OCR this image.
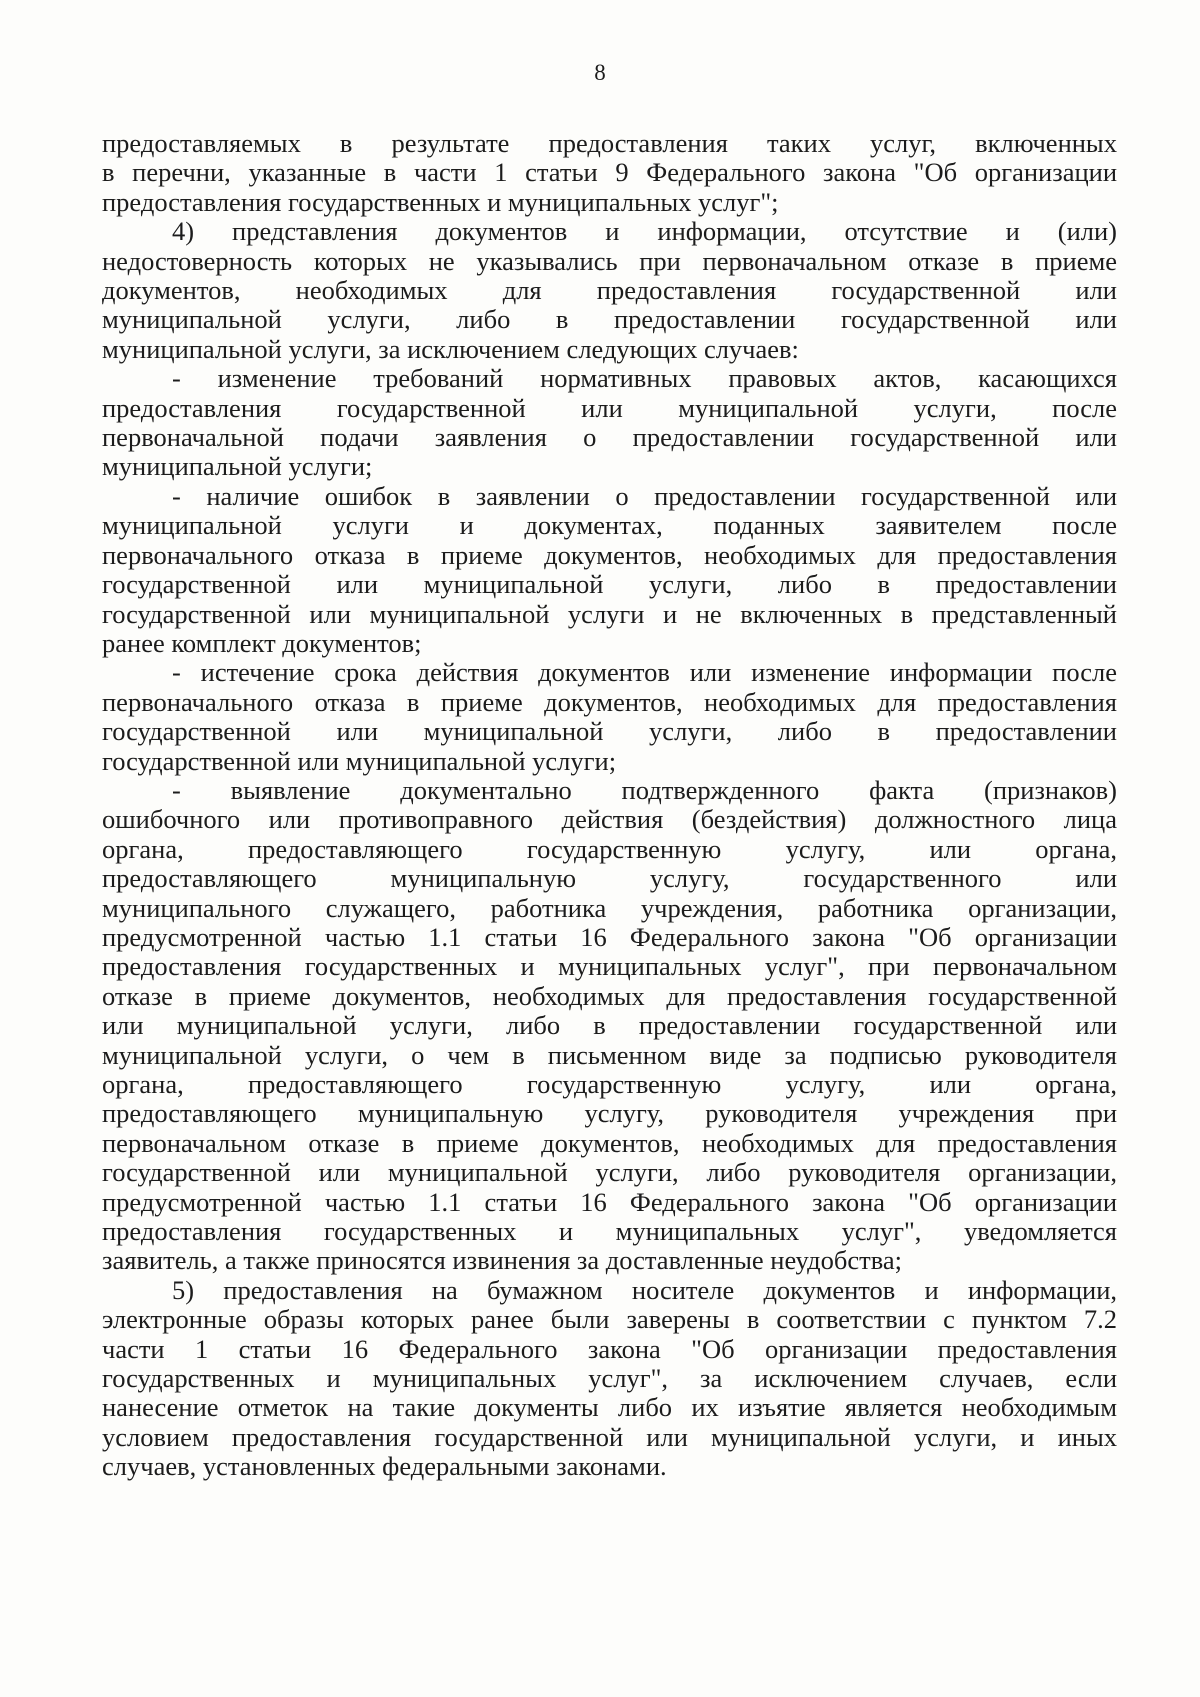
8
предоставляемых в результате предоставления таких услуг, включенных
в перечни, указанные в части 1 статьи 9 Федерального закона "Об организации
предоставления государственных и муниципальных услуг";
4) представления документов и информации, отсутствие и (или)
недостоверность которых не указывались при первоначальном отказе в приеме
документов, необходимых для предоставления государственной или
муниципальной услуги, либо в предоставлении государственной или
муниципальной услуги, за исключением следующих случаев:
- изменение требований нормативных правовых актов, касающихся
предоставления государственной или муниципальной услуги, после
первоначальной подачи заявления о предоставлении государственной или
муниципальной услуги;
- наличие ошибок в заявлении о предоставлении государственной или
муниципальной услуги и документах, поданных заявителем после
первоначального отказа в приеме документов, необходимых для предоставления
государственной или муниципальной услуги, либо в предоставлении
государственной или муниципальной услуги и не включенных в представленный
ранее комплект документов;
- истечение срока действия документов или изменение информации после
первоначального отказа в приеме документов, необходимых для предоставления
государственной или муниципальной услуги, либо в предоставлении
государственной или муниципальной услуги;
- выявление документально подтвержденного факта (признаков)
ошибочного или противоправного действия (бездействия) должностного лица
органа, предоставляющего государственную услугу, или органа,
предоставляющего муниципальную услугу, государственного или
муниципального служащего, работника учреждения, работника организации,
предусмотренной частью 1.1 статьи 16 Федерального закона "Об организации
предоставления государственных и муниципальных услуг", при первоначальном
отказе в приеме документов, необходимых для предоставления государственной
или муниципальной услуги, либо в предоставлении государственной или
муниципальной услуги, о чем в письменном виде за подписью руководителя
органа, предоставляющего государственную услугу, или органа,
предоставляющего муниципальную услугу, руководителя учреждения при
первоначальном отказе в приеме документов, необходимых для предоставления
государственной или муниципальной услуги, либо руководителя организации,
предусмотренной частью 1.1 статьи 16 Федерального закона "Об организации
предоставления государственных и муниципальных услуг", уведомляется
заявитель, а также приносятся извинения за доставленные неудобства;
5) предоставления на бумажном носителе документов и информации,
электронные образы которых ранее были заверены в соответствии с пунктом 7.2
части 1 статьи 16 Федерального закона "Об организации предоставления
государственных и муниципальных услуг", за исключением случаев, если
нанесение отметок на такие документы либо их изъятие является необходимым
условием предоставления государственной или муниципальной услуги, и иных
случаев, установленных федеральными законами.
